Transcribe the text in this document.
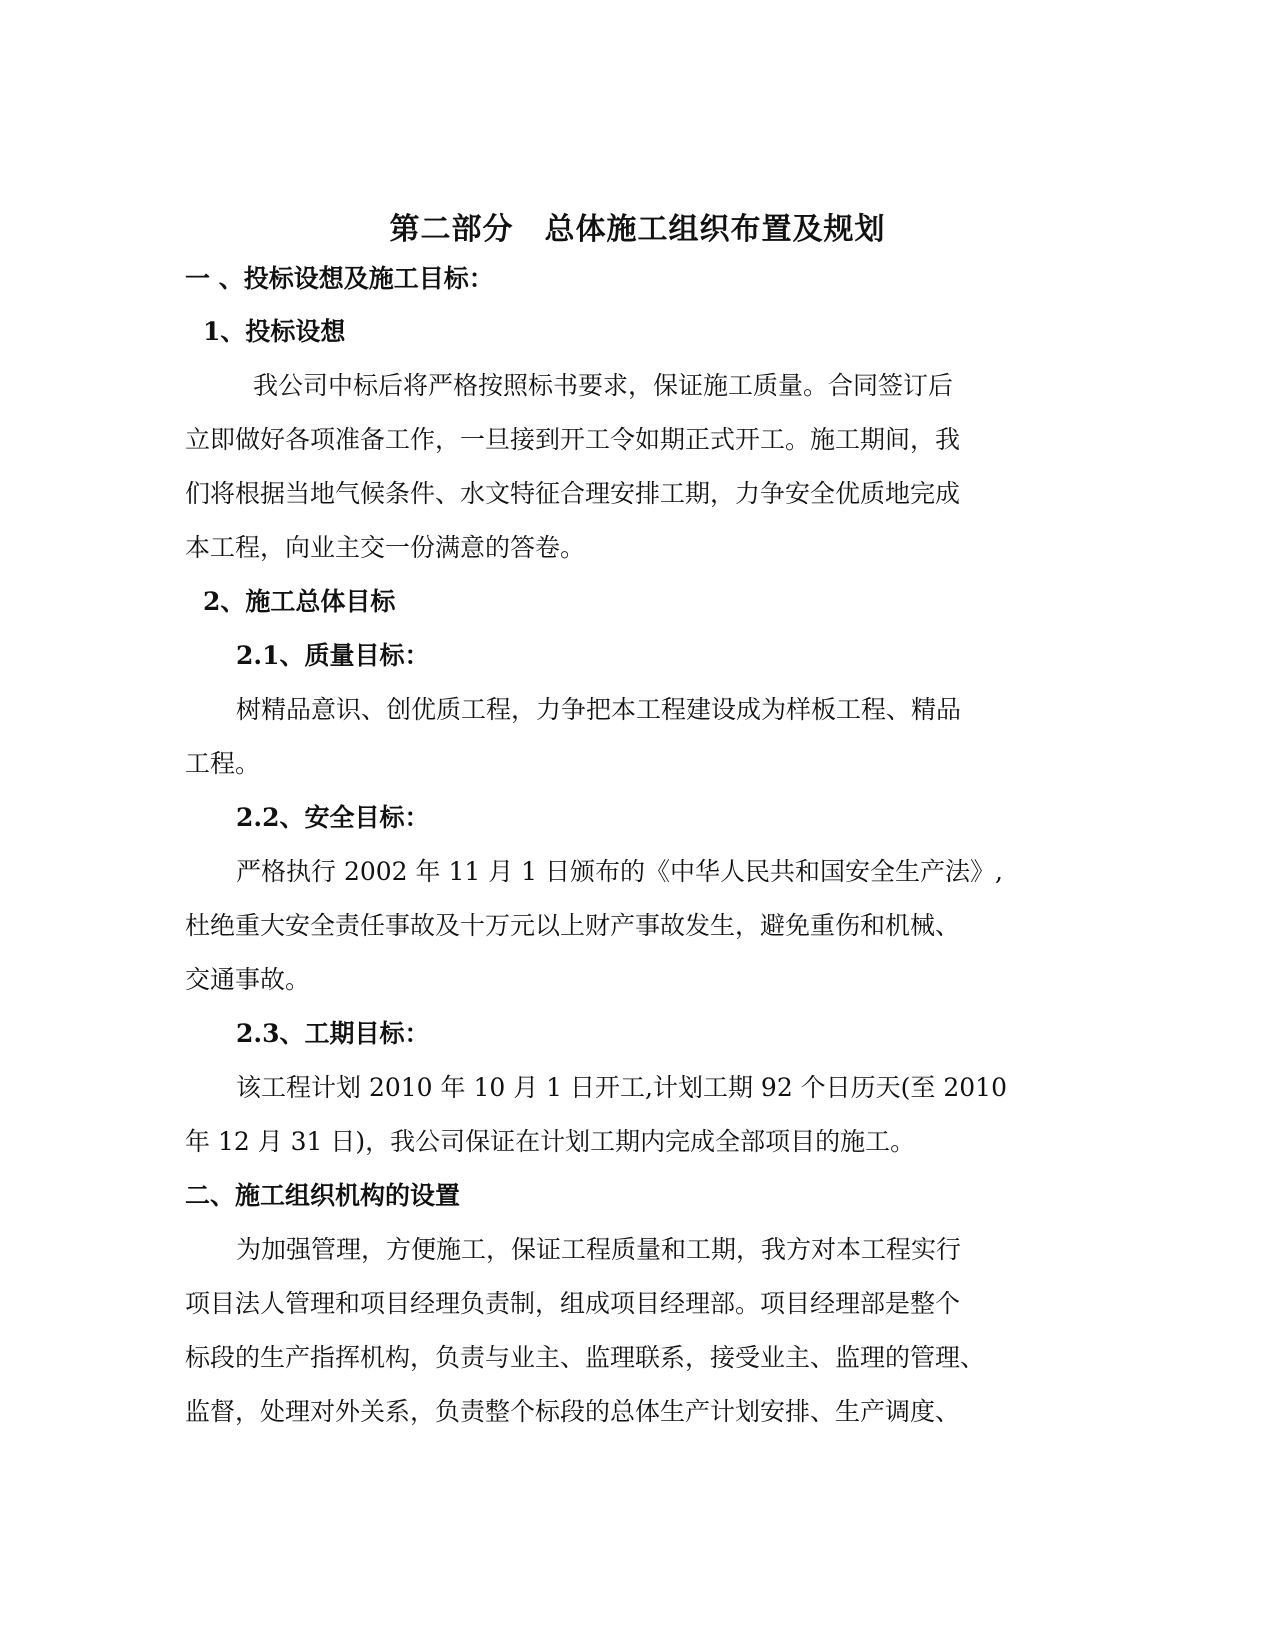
第二部分　总体施工组织布置及规划
一 、投标设想及施工目标：
1、投标设想
我公司中标后将严格按照标书要求，保证施工质量。合同签订后
立即做好各项准备工作，一旦接到开工令如期正式开工。施工期间，我
们将根据当地气候条件、水文特征合理安排工期，力争安全优质地完成
本工程，向业主交一份满意的答卷。
2、施工总体目标
2.1、质量目标：
树精品意识、创优质工程，力争把本工程建设成为样板工程、精品
工程。
2.2、安全目标：
严格执行 2002 年 11 月 1 日颁布的《中华人民共和国安全生产法》,
杜绝重大安全责任事故及十万元以上财产事故发生，避免重伤和机械、
交通事故。
2.3、工期目标：
该工程计划 2010 年 10 月 1 日开工,计划工期 92 个日历天(至 2010
年 12 月 31 日)，我公司保证在计划工期内完成全部项目的施工。
二、施工组织机构的设置
为加强管理，方便施工，保证工程质量和工期，我方对本工程实行
项目法人管理和项目经理负责制，组成项目经理部。项目经理部是整个
标段的生产指挥机构，负责与业主、监理联系，接受业主、监理的管理、
监督，处理对外关系，负责整个标段的总体生产计划安排、生产调度、
